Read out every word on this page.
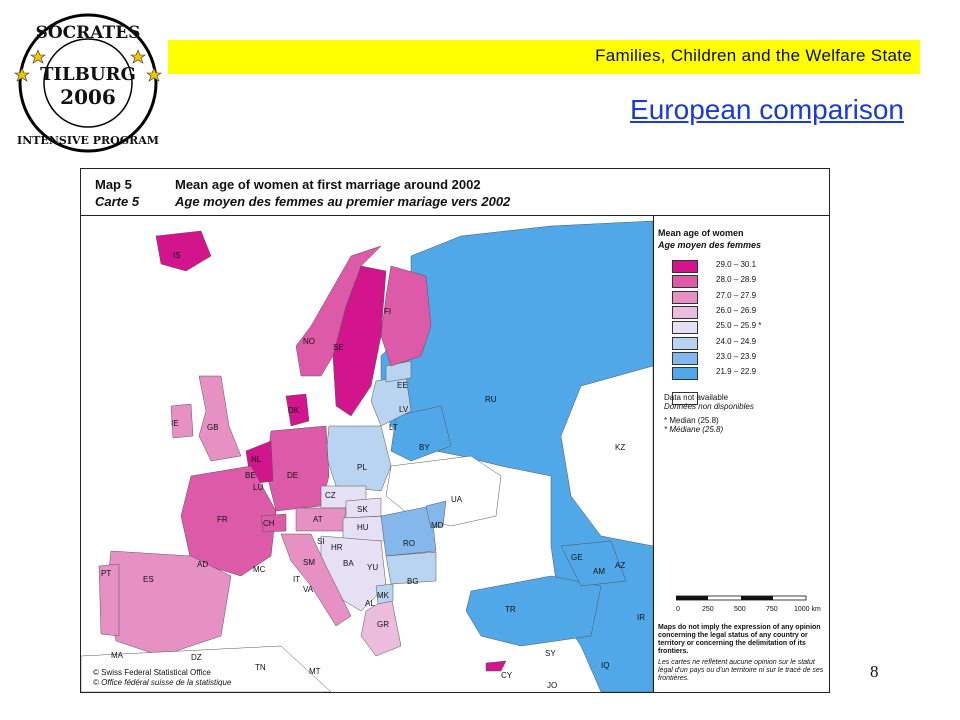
SOCRATES
TILBURG
2006
INTENSIVE PROGRAM
Families, Children and the Welfare State
European comparison
Map 5
Carte 5
Mean age of women at first marriage around 2002
Age moyen des femmes au premier mariage vers 2002
IS
NO
SE
FI
DK
IE	GB
NL
BE
LU
DE
FR	CH	AT
CZ
PL
SK
HU
SI
HR
BA YU
RO
BG
MK
AL
GR
IT
SM
VA
MC
AD
PT
ES
EE
LV
LT
BY
UA
MD
RU
KZ
GE
AM
AZ
TR
CY
SY
IQ
IR
JO
MA	DZ
TN	MT
© Swiss Federal Statistical Office
© Office fédéral suisse de la statistique
Mean age of women
Age moyen des femmes
29.0 – 30.1
28.0 – 28.9
27.0 – 27.9
26.0 – 26.9
25.0 – 25.9 *
24.0 – 24.9
23.0 – 23.9
21.9 – 22.9
Data not available
Données non disponibles
* Median (25.8)
* Médiane (25.8)
0	250	500	750 1000 km
Maps do not imply the expression of any opinion concerning the legal status of any country or territory or concerning the delimitation of its frontiers.
Les cartes ne reflètent aucune opinion sur le statut légal d'un pays ou d'un territoire ni sur le tracé de ses frontières.	8
